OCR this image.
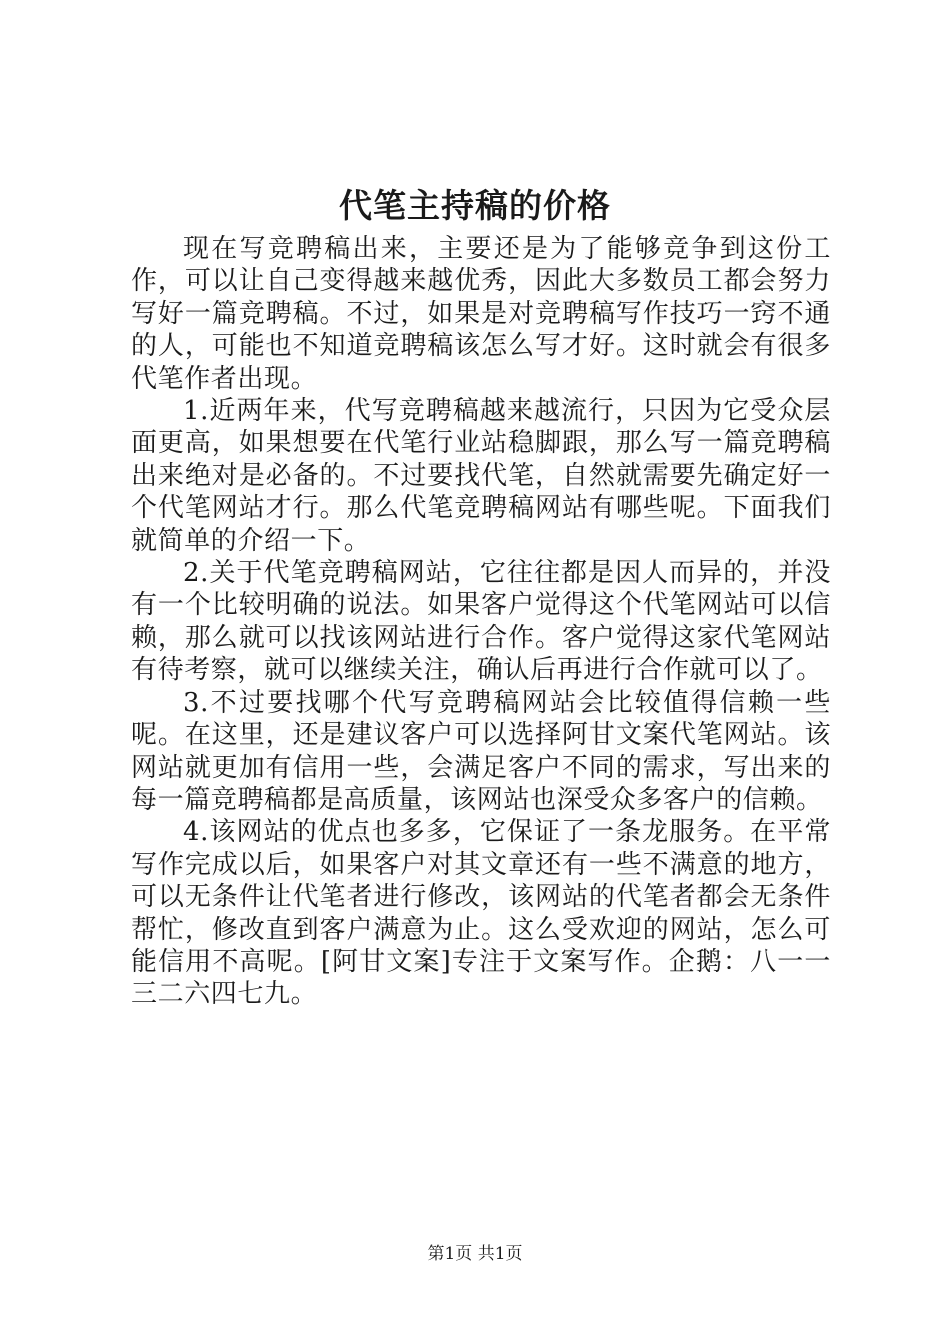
代笔主持稿的价格

现在写竞聘稿出来，主要还是为了能够竞争到这份工作，可以让自己变得越来越优秀，因此大多数员工都会努力写好一篇竞聘稿。不过，如果是对竞聘稿写作技巧一窍不通的人，可能也不知道竞聘稿该怎么写才好。这时就会有很多代笔作者出现。

1.近两年来，代写竞聘稿越来越流行，只因为它受众层面更高，如果想要在代笔行业站稳脚跟，那么写一篇竞聘稿出来绝对是必备的。不过要找代笔，自然就需要先确定好一个代笔网站才行。那么代笔竞聘稿网站有哪些呢。下面我们就简单的介绍一下。

2.关于代笔竞聘稿网站，它往往都是因人而异的，并没有一个比较明确的说法。如果客户觉得这个代笔网站可以信赖，那么就可以找该网站进行合作。客户觉得这家代笔网站有待考察，就可以继续关注，确认后再进行合作就可以了。

3.不过要找哪个代写竞聘稿网站会比较值得信赖一些呢。在这里，还是建议客户可以选择阿甘文案代笔网站。该网站就更加有信用一些，会满足客户不同的需求，写出来的每一篇竞聘稿都是高质量，该网站也深受众多客户的信赖。

4.该网站的优点也多多，它保证了一条龙服务。在平常写作完成以后，如果客户对其文章还有一些不满意的地方，可以无条件让代笔者进行修改，该网站的代笔者都会无条件帮忙，修改直到客户满意为止。这么受欢迎的网站，怎么可能信用不高呢。[阿甘文案]专注于文案写作。企鹅：八一一三二六四七九。

第1页 共1页
